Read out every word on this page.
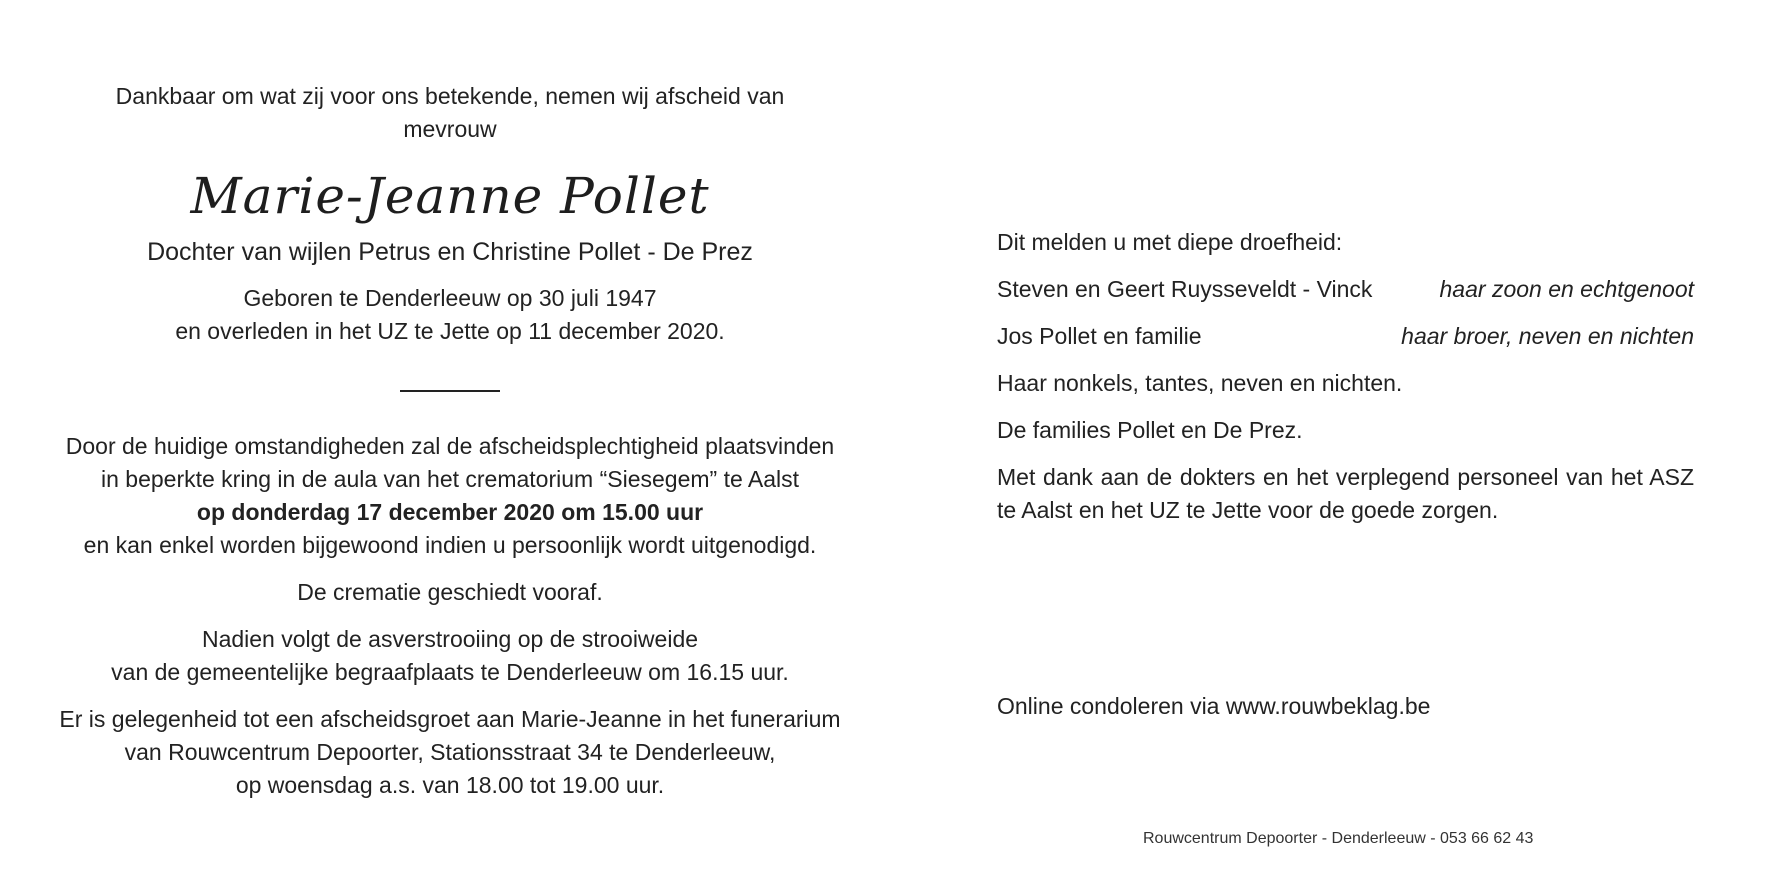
Dankbaar om wat zij voor ons betekende, nemen wij afscheid van
mevrouw
Marie-Jeanne Pollet
Dochter van wijlen Petrus en Christine Pollet - De Prez
Geboren te Denderleeuw op 30 juli 1947
en overleden in het UZ te Jette op 11 december 2020.
Door de huidige omstandigheden zal de afscheidsplechtigheid plaatsvinden
in beperkte kring in de aula van het crematorium “Siesegem” te Aalst
op donderdag 17 december 2020 om 15.00 uur
en kan enkel worden bijgewoond indien u persoonlijk wordt uitgenodigd.
De crematie geschiedt vooraf.
Nadien volgt de asverstrooiing op de strooiweide
van de gemeentelijke begraafplaats te Denderleeuw om 16.15 uur.
Er is gelegenheid tot een afscheidsgroet aan Marie-Jeanne in het funerarium
van Rouwcentrum Depoorter, Stationsstraat 34 te Denderleeuw,
op woensdag a.s. van 18.00 tot 19.00 uur.
Dit melden u met diepe droefheid:
Steven en Geert Ruysseveldt - Vinck	haar zoon en echtgenoot
Jos Pollet en familie	haar broer, neven en nichten
Haar nonkels, tantes, neven en nichten.
De families Pollet en De Prez.
Met dank aan de dokters en het verplegend personeel van het ASZ te Aalst en het UZ te Jette voor de goede zorgen.
Online condoleren via www.rouwbeklag.be
Rouwcentrum Depoorter - Denderleeuw - 053 66 62 43
